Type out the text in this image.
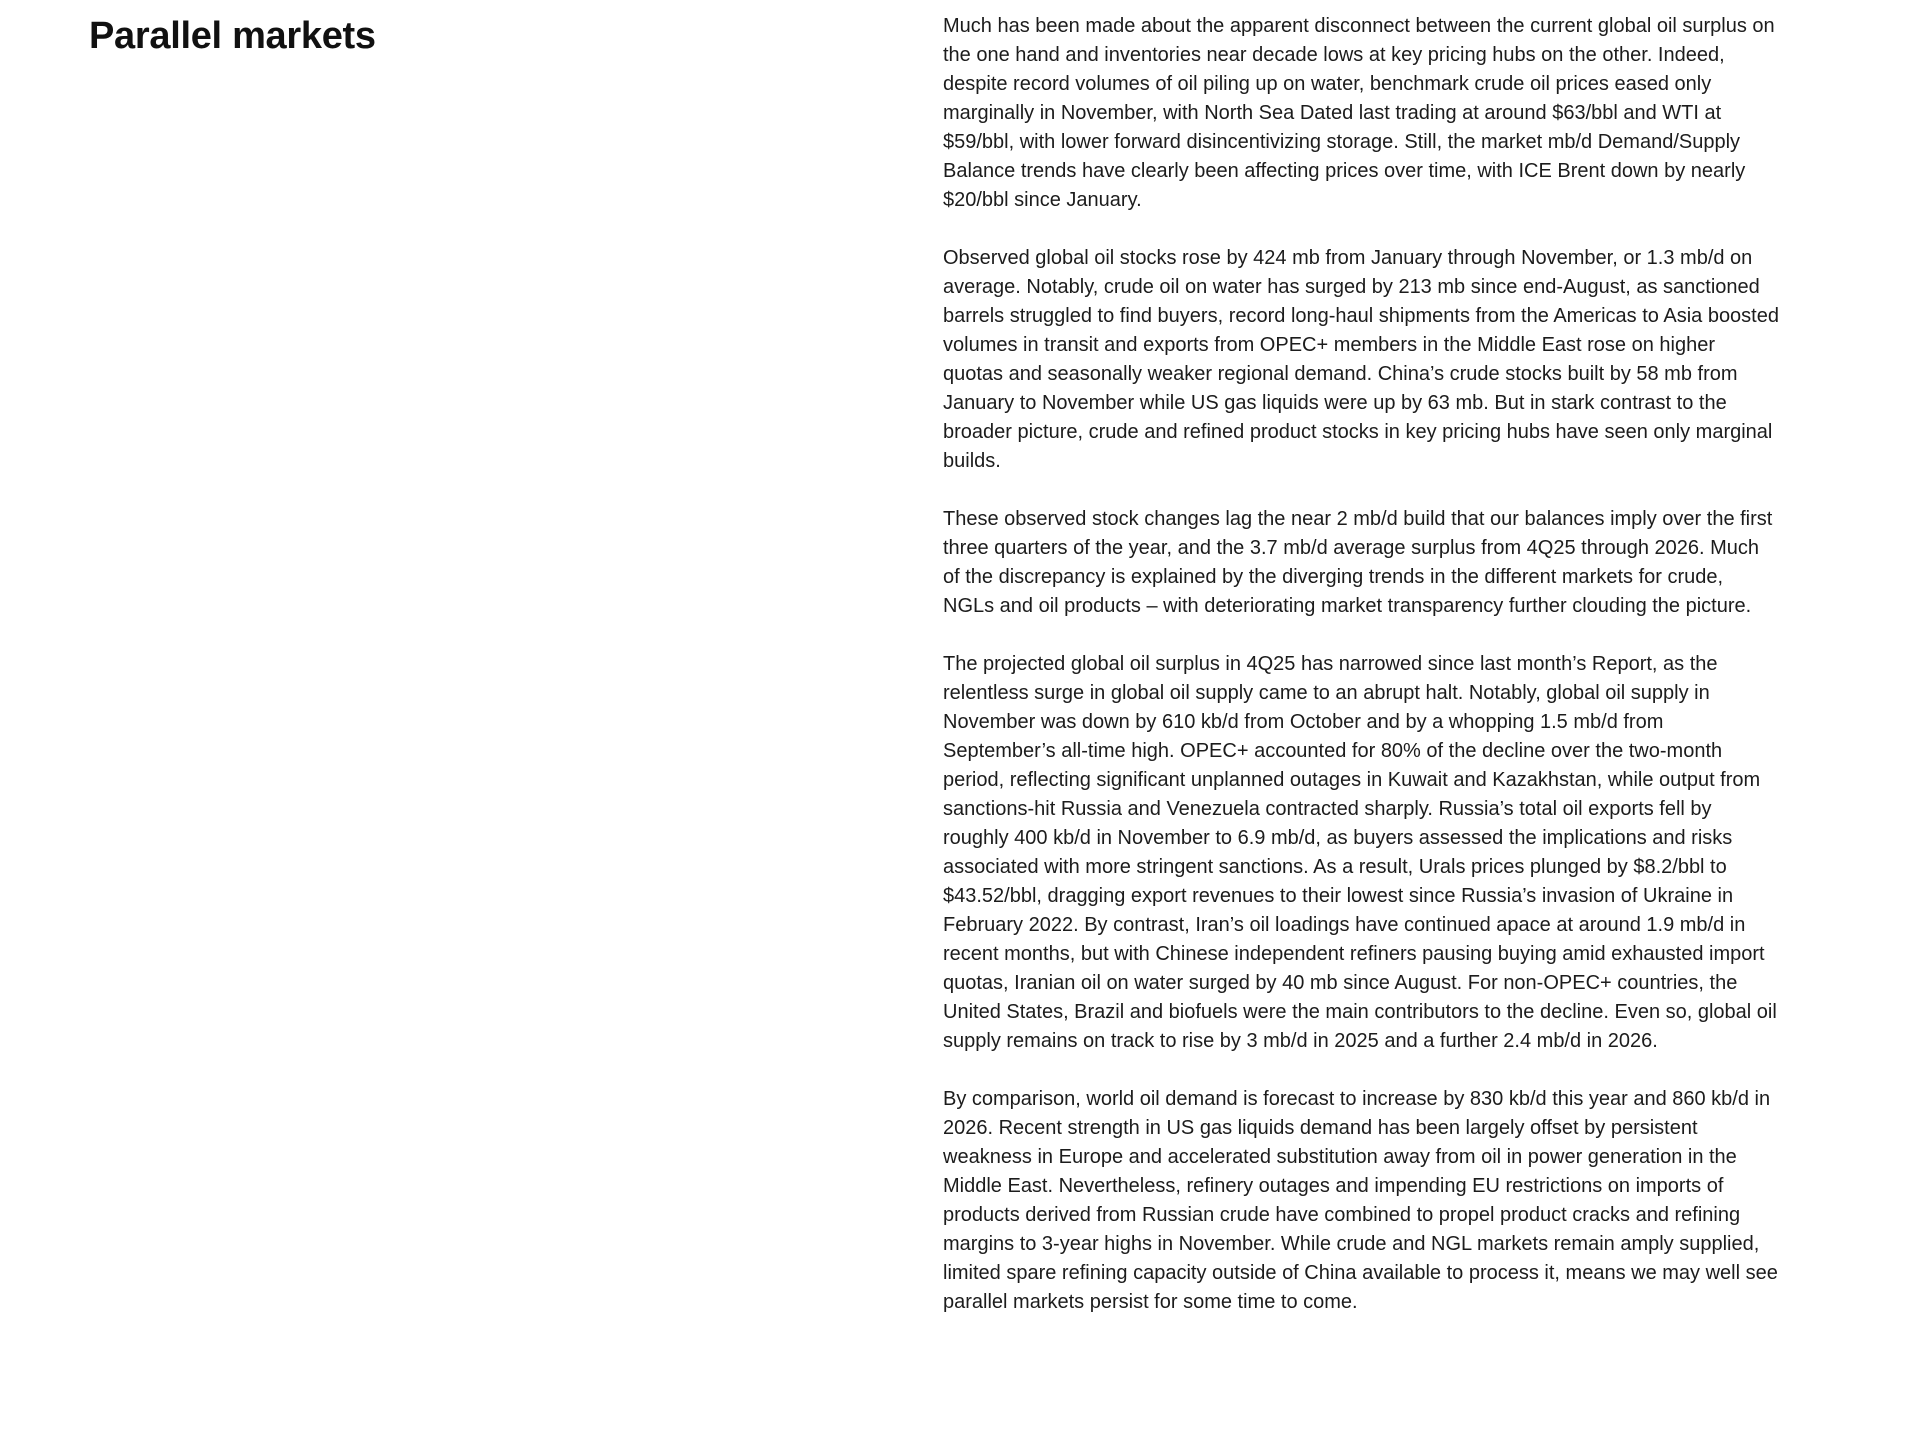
Parallel markets	Much has been made about the apparent disconnect between the current global oil surplus on the one hand and inventories near decade lows at key pricing hubs on the other. Indeed, despite record volumes of oil piling up on water, benchmark crude oil prices eased only marginally in November, with North Sea Dated last trading at around $63/bbl and WTI at $59/bbl, with lower forward disincentivizing storage. Still, the market mb/d Demand/Supply Balance trends have clearly been affecting prices over time, with ICE Brent down by nearly $20/bbl since January.

Observed global oil stocks rose by 424 mb from January through November, or 1.3 mb/d on average. Notably, crude oil on water has surged by 213 mb since end-August, as sanctioned barrels struggled to find buyers, record long-haul shipments from the Americas to Asia boosted volumes in transit and exports from OPEC+ members in the Middle East rose on higher quotas and seasonally weaker regional demand. China’s crude stocks built by 58 mb from January to November while US gas liquids were up by 63 mb. But in stark contrast to the broader picture, crude and refined product stocks in key pricing hubs have seen only marginal builds.

These observed stock changes lag the near 2 mb/d build that our balances imply over the first three quarters of the year, and the 3.7 mb/d average surplus from 4Q25 through 2026. Much of the discrepancy is explained by the diverging trends in the different markets for crude, NGLs and oil products – with deteriorating market transparency further clouding the picture.

The projected global oil surplus in 4Q25 has narrowed since last month’s Report, as the relentless surge in global oil supply came to an abrupt halt. Notably, global oil supply in November was down by 610 kb/d from October and by a whopping 1.5 mb/d from September’s all-time high. OPEC+ accounted for 80% of the decline over the two-month period, reflecting significant unplanned outages in Kuwait and Kazakhstan, while output from sanctions-hit Russia and Venezuela contracted sharply. Russia’s total oil exports fell by roughly 400 kb/d in November to 6.9 mb/d, as buyers assessed the implications and risks associated with more stringent sanctions. As a result, Urals prices plunged by $8.2/bbl to $43.52/bbl, dragging export revenues to their lowest since Russia’s invasion of Ukraine in February 2022. By contrast, Iran’s oil loadings have continued apace at around 1.9 mb/d in recent months, but with Chinese independent refiners pausing buying amid exhausted import quotas, Iranian oil on water surged by 40 mb since August. For non-OPEC+ countries, the United States, Brazil and biofuels were the main contributors to the decline. Even so, global oil supply remains on track to rise by 3 mb/d in 2025 and a further 2.4 mb/d in 2026.

By comparison, world oil demand is forecast to increase by 830 kb/d this year and 860 kb/d in 2026. Recent strength in US gas liquids demand has been largely offset by persistent weakness in Europe and accelerated substitution away from oil in power generation in the Middle East. Nevertheless, refinery outages and impending EU restrictions on imports of products derived from Russian crude have combined to propel product cracks and refining margins to 3-year highs in November. While crude and NGL markets remain amply supplied, limited spare refining capacity outside of China available to process it, means we may well see parallel markets persist for some time to come.
